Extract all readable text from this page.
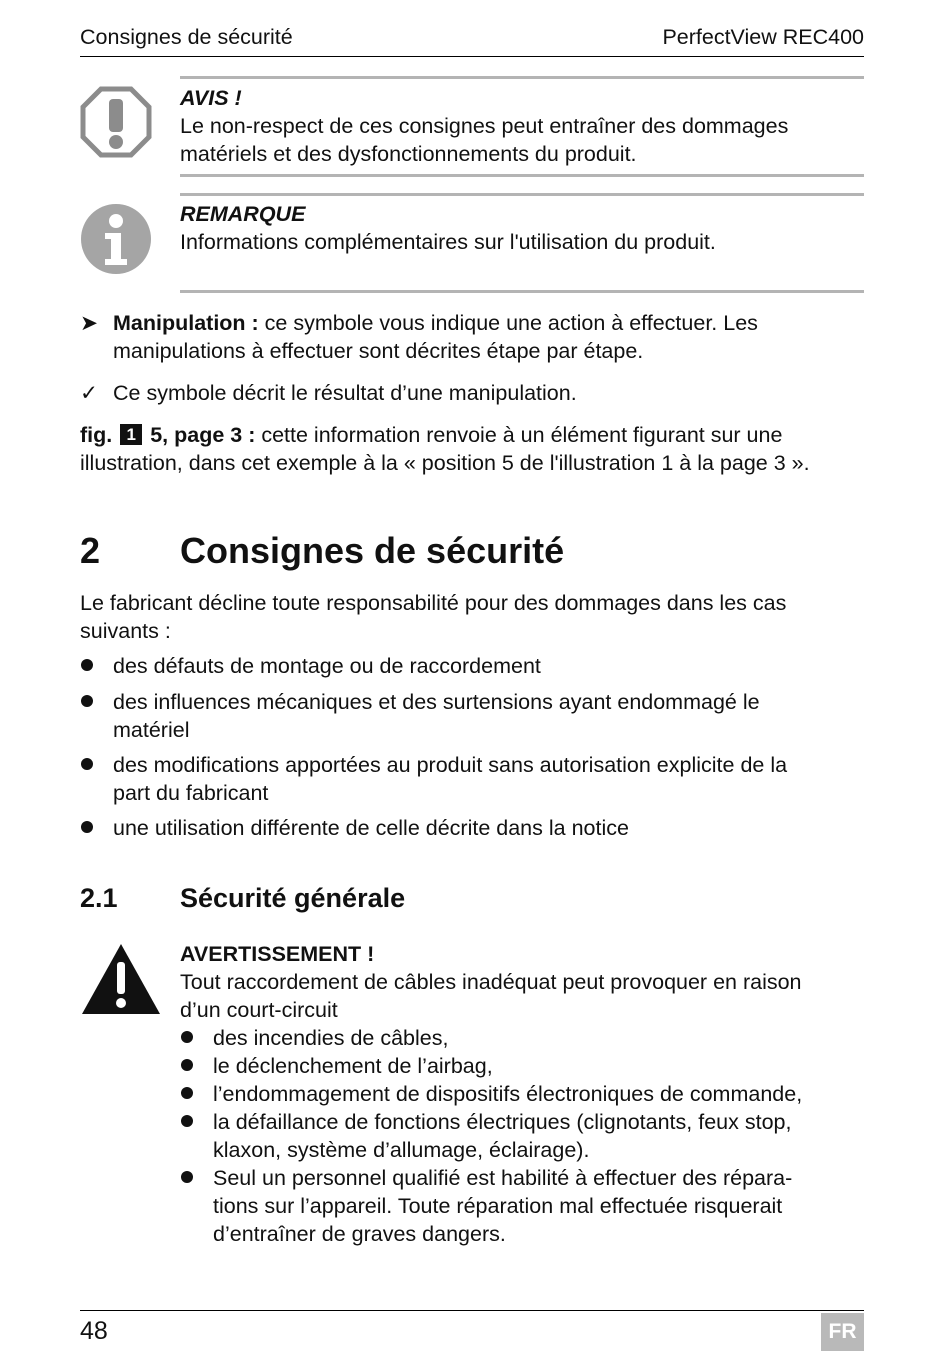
Consignes de sécurité	PerfectView REC400
AVIS !
Le non-respect de ces consignes peut entraîner des dommages
matériels et des dysfonctionnements du produit.
REMARQUE
Informations complémentaires sur l'utilisation du produit.
➤ Manipulation : ce symbole vous indique une action à effectuer. Les
manipulations à effectuer sont décrites étape par étape.
✓ Ce symbole décrit le résultat d’une manipulation.
fig. 1 5, page 3 : cette information renvoie à un élément figurant sur une
illustration, dans cet exemple à la « position 5 de l'illustration 1 à la page 3 ».
2 Consignes de sécurité
Le fabricant décline toute responsabilité pour des dommages dans les cas
suivants :
des défauts de montage ou de raccordement
des influences mécaniques et des surtensions ayant endommagé le
matériel
des modifications apportées au produit sans autorisation explicite de la
part du fabricant
une utilisation différente de celle décrite dans la notice
2.1 Sécurité générale
AVERTISSEMENT !
Tout raccordement de câbles inadéquat peut provoquer en raison
d’un court-circuit
des incendies de câbles,
le déclenchement de l’airbag,
l’endommagement de dispositifs électroniques de commande,
la défaillance de fonctions électriques (clignotants, feux stop,
klaxon, système d’allumage, éclairage).
Seul un personnel qualifié est habilité à effectuer des répara-
tions sur l’appareil. Toute réparation mal effectuée risquerait
d’entraîner de graves dangers.
48	FR
